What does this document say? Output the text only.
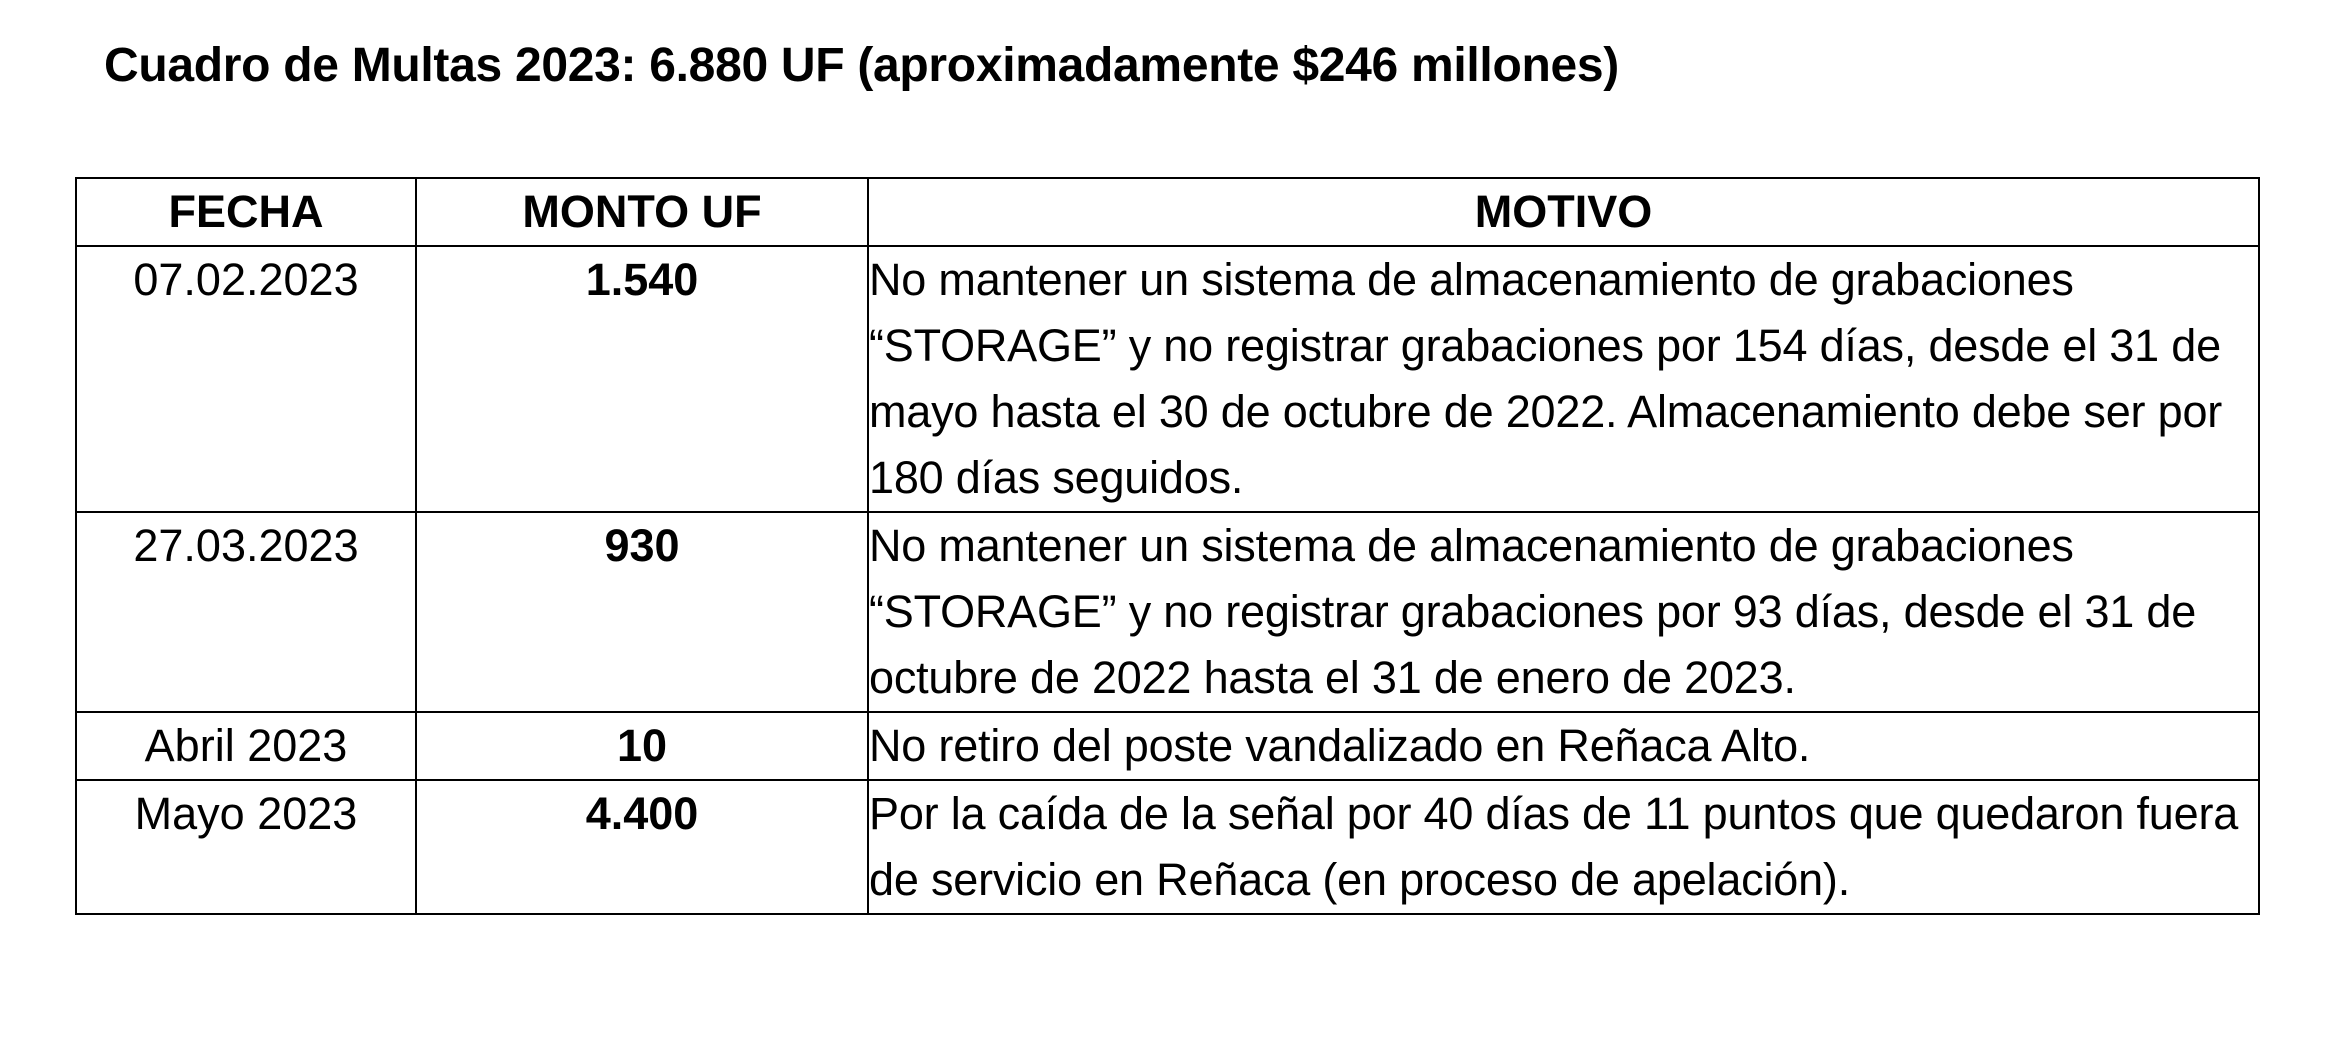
Cuadro de Multas 2023: 6.880 UF (aproximadamente $246 millones)
FECHA	MONTO UF	MOTIVO
07.02.2023	1.540	No mantener un sistema de almacenamiento de grabaciones “STORAGE” y no registrar grabaciones por 154 días, desde el 31 de mayo hasta el 30 de octubre de 2022. Almacenamiento debe ser por 180 días seguidos.
27.03.2023	930	No mantener un sistema de almacenamiento de grabaciones “STORAGE” y no registrar grabaciones por 93 días, desde el 31 de octubre de 2022 hasta el 31 de enero de 2023.
Abril 2023	10	No retiro del poste vandalizado en Reñaca Alto.
Mayo 2023	4.400	Por la caída de la señal por 40 días de 11 puntos que quedaron fuera de servicio en Reñaca (en proceso de apelación).
